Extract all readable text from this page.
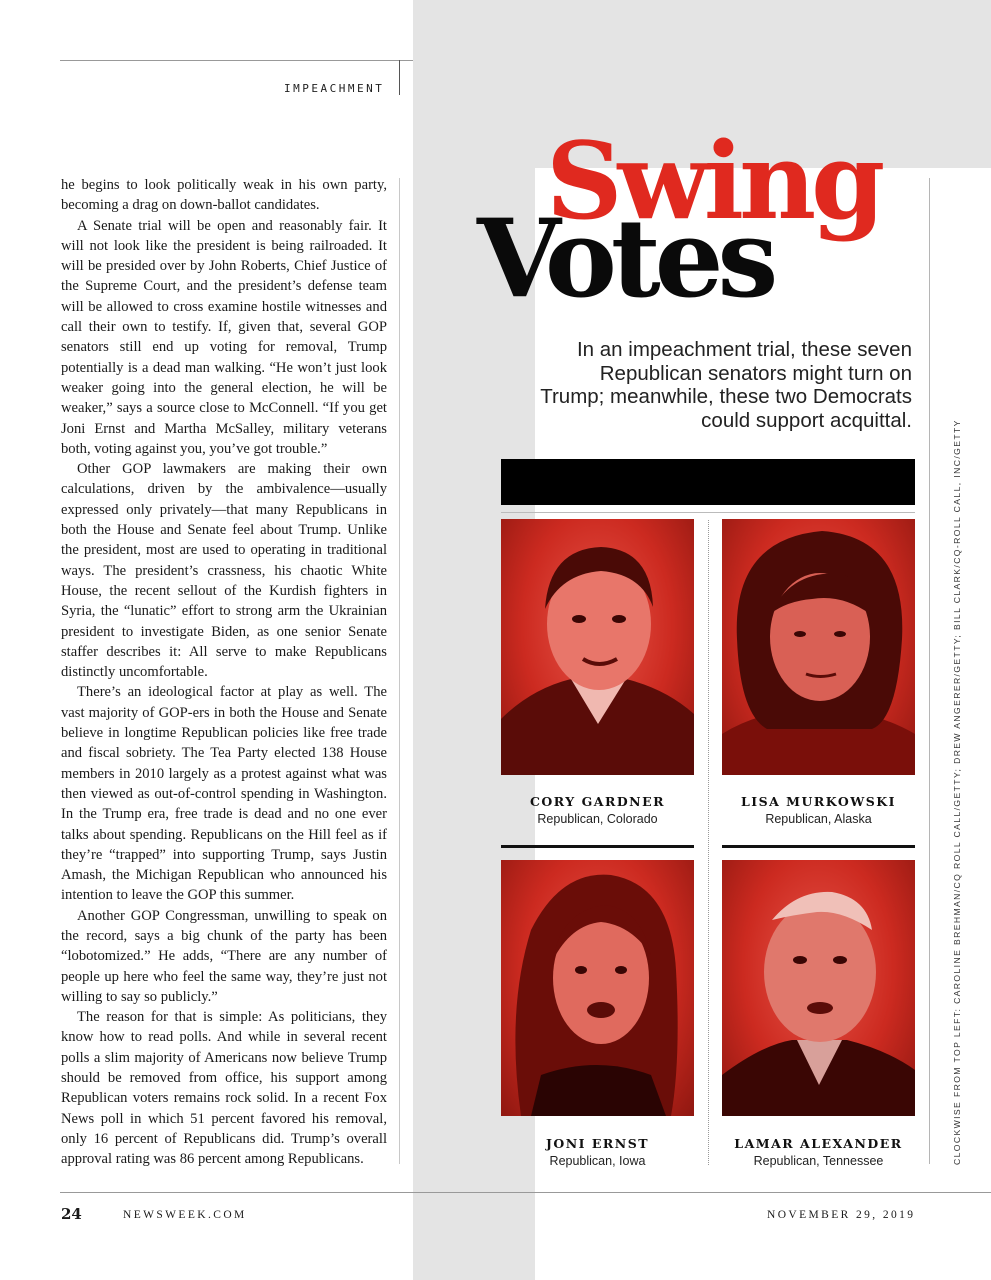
IMPEACHMENT

he begins to look politically weak in his own party, becoming a drag on down-ballot candidates.

A Senate trial will be open and reasonably fair. It will not look like the president is being railroaded. It will be presided over by John Roberts, Chief Justice of the Supreme Court, and the president’s defense team will be allowed to cross examine hostile witnesses and call their own to testify. If, given that, several GOP senators still end up voting for removal, Trump potentially is a dead man walking. “He won’t just look weaker going into the general election, he will be weaker,” says a source close to McConnell. “If you get Joni Ernst and Martha McSalley, military veterans both, voting against you, you’ve got trouble.”

Other GOP lawmakers are making their own calculations, driven by the ambivalence—usually expressed only privately—that many Republicans in both the House and Senate feel about Trump. Unlike the president, most are used to operating in traditional ways. The president’s crassness, his chaotic White House, the recent sellout of the Kurdish fighters in Syria, the “lunatic” effort to strong arm the Ukrainian president to investigate Biden, as one senior Senate staffer describes it: All serve to make Republicans distinctly uncomfortable.

There’s an ideological factor at play as well. The vast majority of GOP-ers in both the House and Senate believe in longtime Republican policies like free trade and fiscal sobriety. The Tea Party elected 138 House members in 2010 largely as a protest against what was then viewed as out-of-control spending in Washington. In the Trump era, free trade is dead and no one ever talks about spending. Republicans on the Hill feel as if they’re “trapped” into supporting Trump, says Justin Amash, the Michigan Republican who announced his intention to leave the GOP this summer.

Another GOP Congressman, unwilling to speak on the record, says a big chunk of the party has been “lobotomized.” He adds, “There are any number of people up here who feel the same way, they’re just not willing to say so publicly.”

The reason for that is simple: As politicians, they know how to read polls. And while in several recent polls a slim majority of Americans now believe Trump should be removed from office, his support among Republican voters remains rock solid. In a recent Fox News poll in which 51 percent favored his removal, only 16 percent of Republicans did. Trump’s overall approval rating was 86 percent among Republicans.

Swing
Votes
In an impeachment trial, these seven Republican senators might turn on Trump; meanwhile, these two Democrats could support acquittal.
CORY GARDNER
Republican, Colorado
LISA MURKOWSKI
Republican, Alaska
JONI ERNST
Republican, Iowa
LAMAR ALEXANDER
Republican, Tennessee	CLOCKWISE FROM TOP LEFT: CAROLINE BREHMAN/CQ ROLL CALL/GETTY; DREW ANGERER/GETTY; BILL CLARK/CQ-ROLL CALL, INC/GETTY
24	NEWSWEEK.COM	NOVEMBER 29, 2019
